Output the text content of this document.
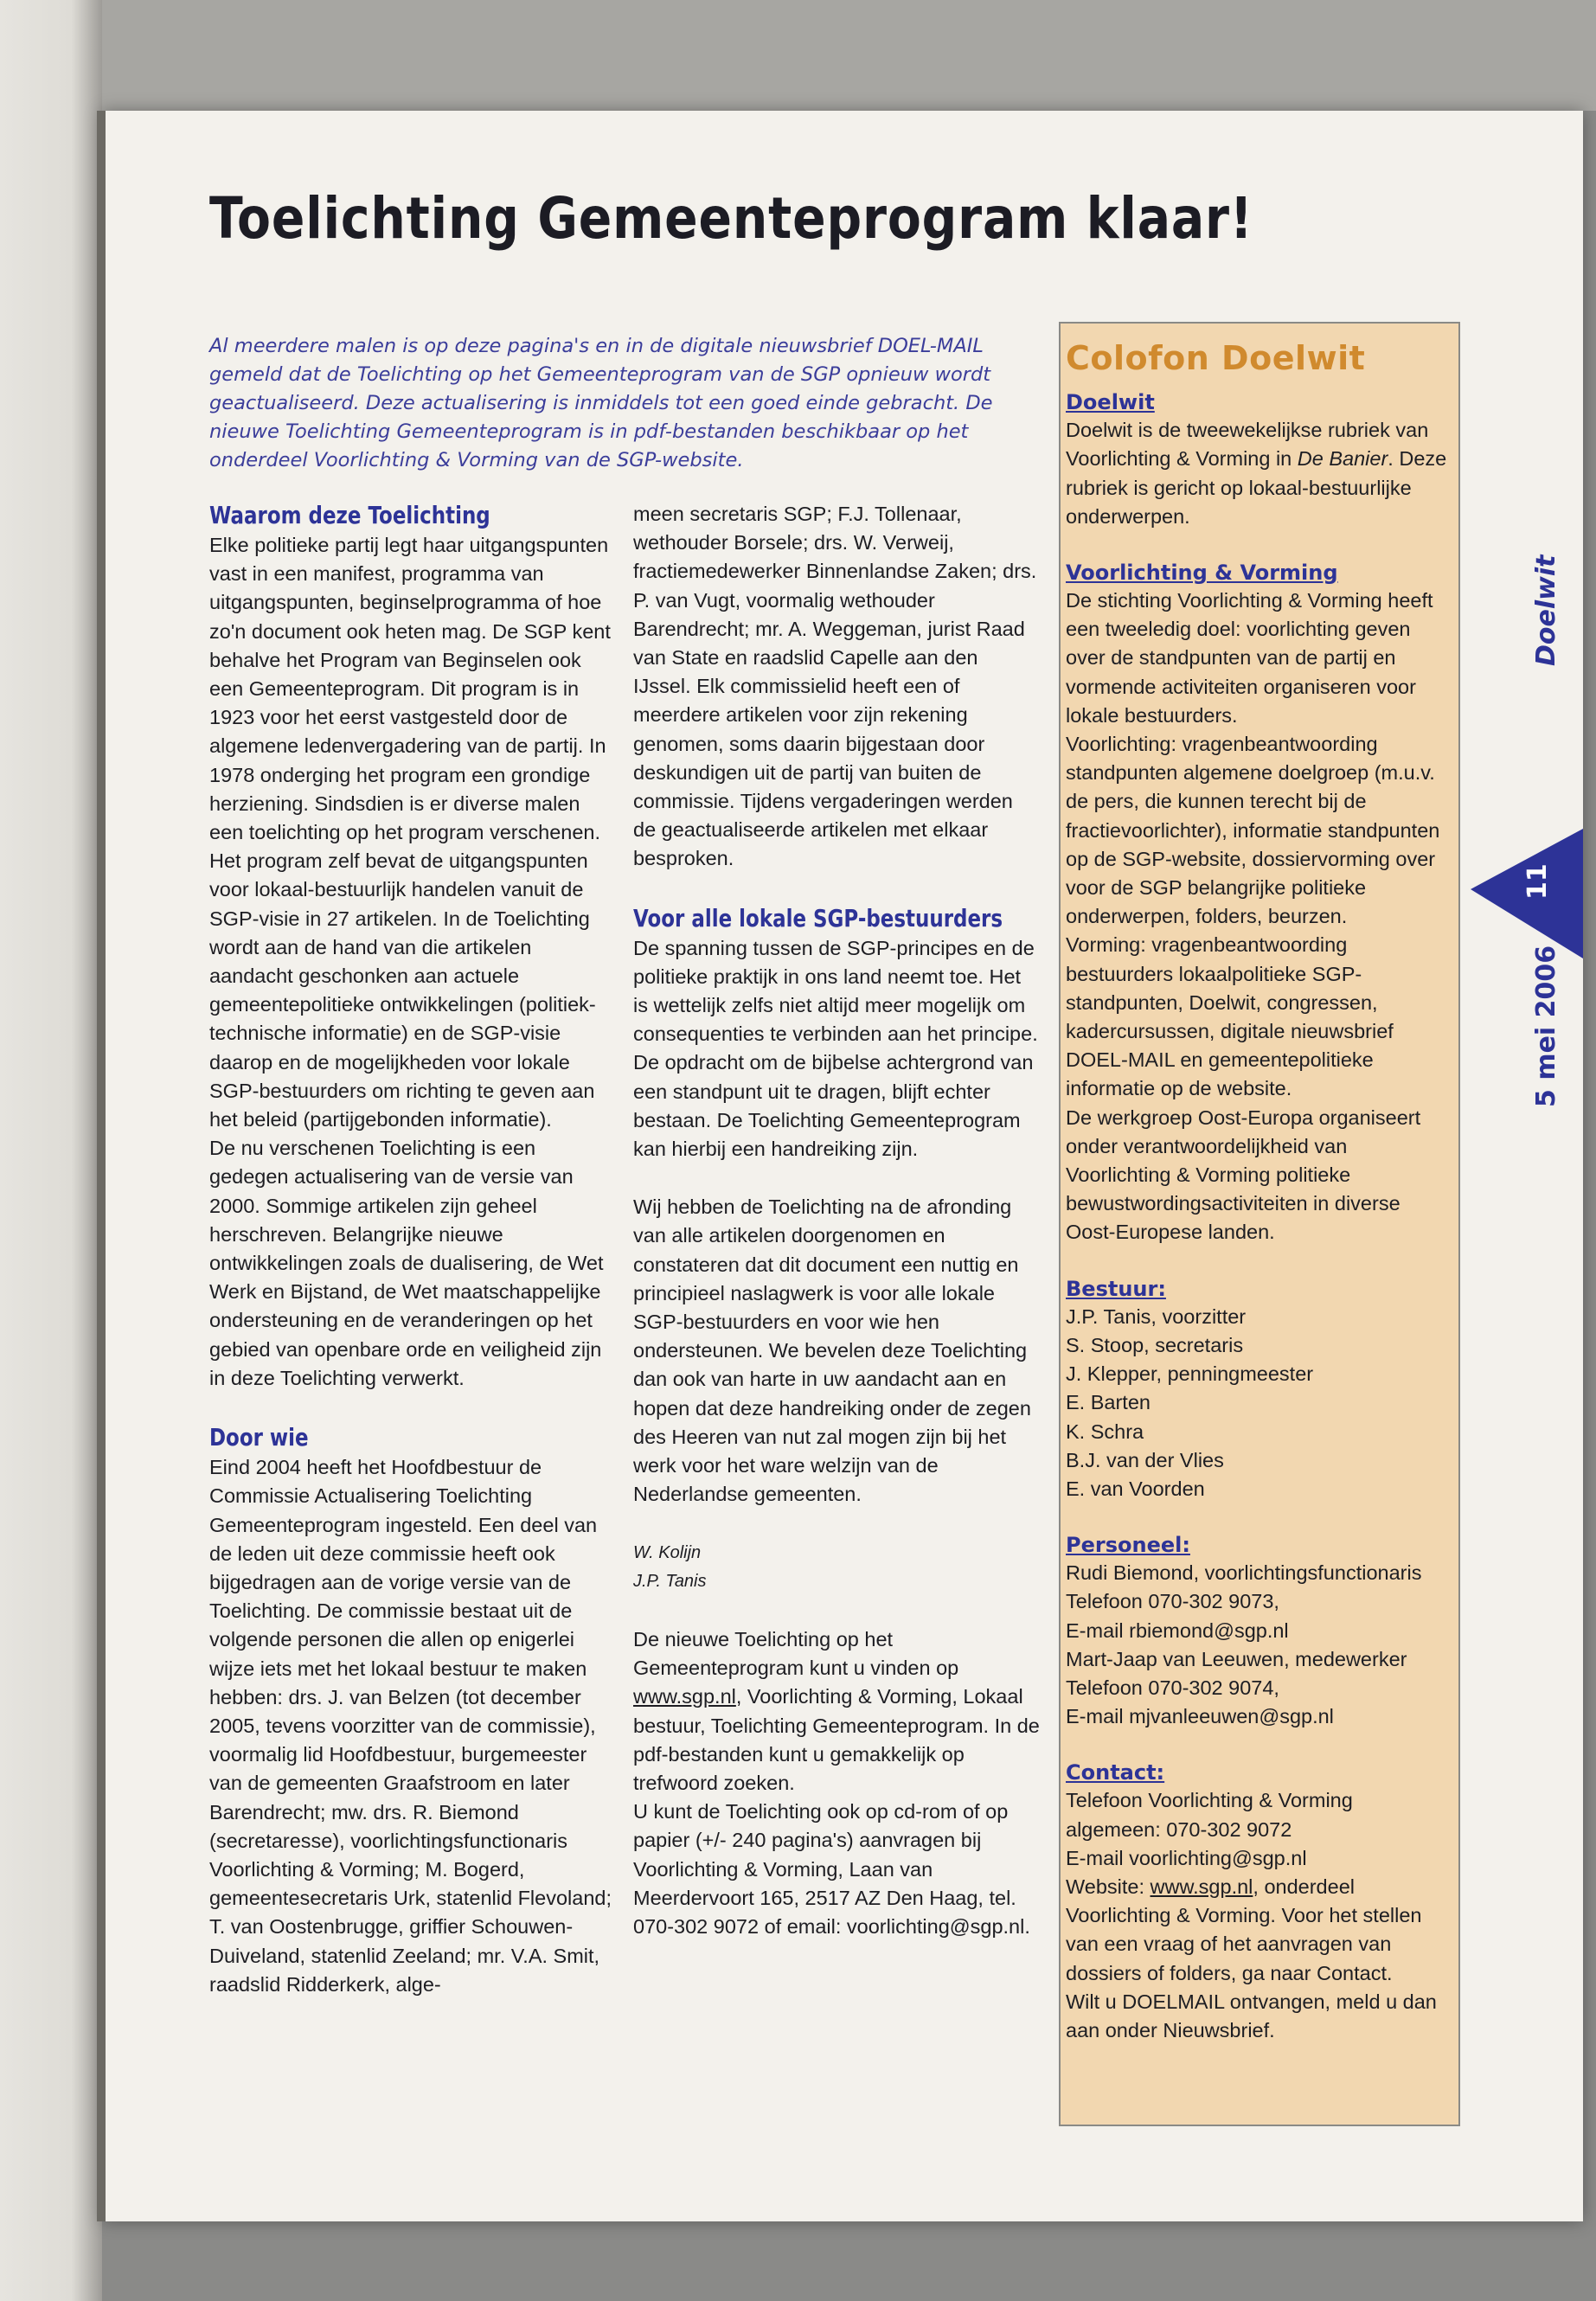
Toelichting Gemeenteprogram klaar!
Al meerdere malen is op deze pagina's en in de digitale nieuwsbrief DOEL-MAIL gemeld dat de Toelichting op het Gemeenteprogram van de SGP opnieuw wordt geactualiseerd. Deze actualisering is inmiddels tot een goed einde gebracht. De nieuwe Toelichting Gemeenteprogram is in pdf-bestanden beschikbaar op het onderdeel Voorlichting & Vorming van de SGP-website.
Waarom deze Toelichting

Elke politieke partij legt haar uitgangspunten vast in een manifest, programma van uitgangspunten, beginselprogramma of hoe zo'n document ook heten mag. De SGP kent behalve het Program van Beginselen ook een Gemeenteprogram. Dit program is in 1923 voor het eerst vastgesteld door de algemene ledenvergadering van de partij. In 1978 onderging het program een grondige herziening. Sindsdien is er diverse malen een toelichting op het program verschenen. Het program zelf bevat de uitgangspunten voor lokaal-bestuurlijk handelen vanuit de SGP-visie in 27 artikelen. In de Toelichting wordt aan de hand van die artikelen aandacht geschonken aan actuele gemeentepolitieke ontwikkelingen (politiek-technische informatie) en de SGP-visie daarop en de mogelijkheden voor lokale SGP-bestuurders om richting te geven aan het beleid (partijgebonden informatie).

De nu verschenen Toelichting is een gedegen actualisering van de versie van 2000. Sommige artikelen zijn geheel herschreven. Belangrijke nieuwe ontwikkelingen zoals de dualisering, de Wet Werk en Bijstand, de Wet maatschappelijke ondersteuning en de veranderingen op het gebied van openbare orde en veiligheid zijn in deze Toelichting verwerkt.

Door wie

Eind 2004 heeft het Hoofdbestuur de Commissie Actualisering Toelichting Gemeenteprogram ingesteld. Een deel van de leden uit deze commissie heeft ook bijgedragen aan de vorige versie van de Toelichting. De commissie bestaat uit de volgende personen die allen op enigerlei wijze iets met het lokaal bestuur te maken hebben: drs. J. van Belzen (tot december 2005, tevens voorzitter van de commissie), voormalig lid Hoofdbestuur, burgemeester van de gemeenten Graafstroom en later Barendrecht; mw. drs. R. Biemond (secretaresse), voorlichtingsfunctionaris Voorlichting & Vorming; M. Bogerd, gemeentesecretaris Urk, statenlid Flevoland; T. van Oostenbrugge, griffier Schouwen-Duiveland, statenlid Zeeland; mr. V.A. Smit, raadslid Ridderkerk, alge-

meen secretaris SGP; F.J. Tollenaar, wethouder Borsele; drs. W. Verweij, fractiemedewerker Binnenlandse Zaken; drs. P. van Vugt, voormalig wethouder Barendrecht; mr. A. Weggeman, jurist Raad van State en raadslid Capelle aan den IJssel. Elk commissielid heeft een of meerdere artikelen voor zijn rekening genomen, soms daarin bijgestaan door deskundigen uit de partij van buiten de commissie. Tijdens vergaderingen werden de geactualiseerde artikelen met elkaar besproken.

Voor alle lokale SGP-bestuurders

De spanning tussen de SGP-principes en de politieke praktijk in ons land neemt toe. Het is wettelijk zelfs niet altijd meer mogelijk om consequenties te verbinden aan het principe. De opdracht om de bijbelse achtergrond van een standpunt uit te dragen, blijft echter bestaan. De Toelichting Gemeenteprogram kan hierbij een handreiking zijn.

Wij hebben de Toelichting na de afronding van alle artikelen doorgenomen en constateren dat dit document een nuttig en principieel naslagwerk is voor alle lokale SGP-bestuurders en voor wie hen ondersteunen. We bevelen deze Toelichting dan ook van harte in uw aandacht aan en hopen dat deze handreiking onder de zegen des Heeren van nut zal mogen zijn bij het werk voor het ware welzijn van de Nederlandse gemeenten.

W. Kolijn

J.P. Tanis

De nieuwe Toelichting op het Gemeenteprogram kunt u vinden op www.sgp.nl, Voorlichting & Vorming, Lokaal bestuur, Toelichting Gemeenteprogram. In de pdf-bestanden kunt u gemakkelijk op trefwoord zoeken.

U kunt de Toelichting ook op cd-rom of op papier (+/- 240 pagina's) aanvragen bij Voorlichting & Vorming, Laan van Meerdervoort 165, 2517 AZ Den Haag, tel. 070-302 9072 of email: voorlichting@sgp.nl.

Colofon Doelwit
Doelwit

Doelwit is de tweewekelijkse rubriek van Voorlichting & Vorming in De Banier. Deze rubriek is gericht op lokaal-bestuurlijke onderwerpen.

Voorlichting & Vorming

De stichting Voorlichting & Vorming heeft een tweeledig doel: voorlichting geven over de standpunten van de partij en vormende activiteiten organiseren voor lokale bestuurders.

Voorlichting: vragenbeantwoording standpunten algemene doelgroep (m.u.v. de pers, die kunnen terecht bij de fractievoorlichter), informatie standpunten op de SGP-website, dossiervorming over voor de SGP belangrijke politieke onderwerpen, folders, beurzen.

Vorming: vragenbeantwoording bestuurders lokaalpolitieke SGP-standpunten, Doelwit, congressen, kadercursussen, digitale nieuwsbrief DOEL-MAIL en gemeentepolitieke informatie op de website.

De werkgroep Oost-Europa organiseert onder verantwoordelijkheid van Voorlichting & Vorming politieke bewustwordingsactiviteiten in diverse Oost-Europese landen.

Bestuur:

J.P. Tanis, voorzitter

S. Stoop, secretaris

J. Klepper, penningmeester

E. Barten

K. Schra

B.J. van der Vlies

E. van Voorden

Personeel:

Rudi Biemond, voorlichtingsfunctionaris

Telefoon 070-302 9073,

E-mail rbiemond@sgp.nl

Mart-Jaap van Leeuwen, medewerker

Telefoon 070-302 9074,

E-mail mjvanleeuwen@sgp.nl

Contact:

Telefoon Voorlichting & Vorming algemeen: 070-302 9072

E-mail voorlichting@sgp.nl

Website: www.sgp.nl, onderdeel Voorlichting & Vorming. Voor het stellen van een vraag of het aanvragen van dossiers of folders, ga naar Contact.

Wilt u DOELMAIL ontvangen, meld u dan aan onder Nieuwsbrief.

11
Doelwit
5 mei 2006
